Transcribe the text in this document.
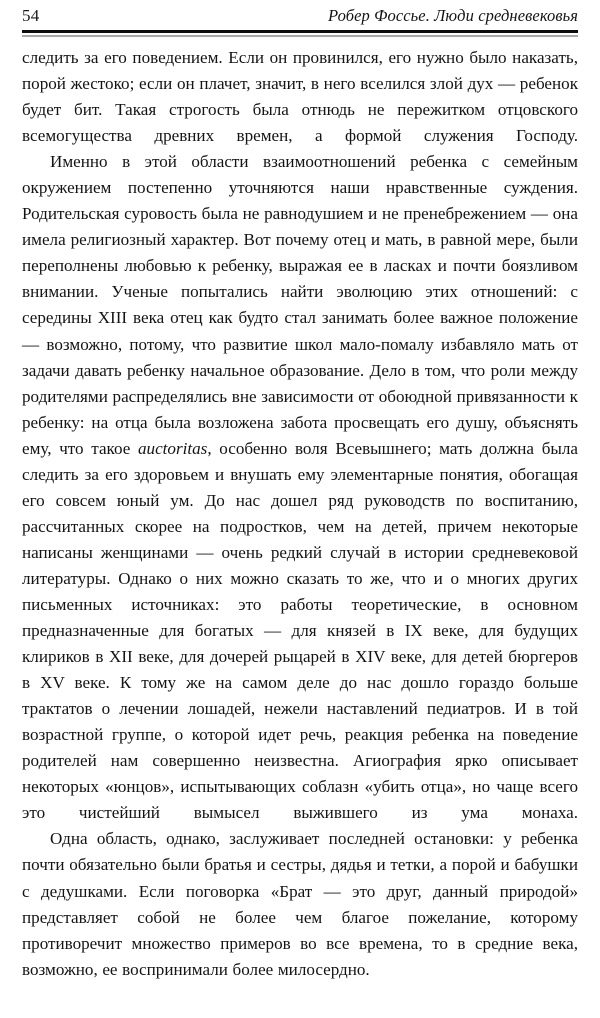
54	Робер Фоссье. Люди средневековья

следить за его поведением. Если он провинился, его нужно было наказать, порой жестоко; если он плачет, значит, в него вселился злой дух — ребенок будет бит. Такая строгость была отнюдь не пережитком отцовского всемогущества древних времен, а формой служения Господу.

Именно в этой области взаимоотношений ребенка с семейным окружением постепенно уточняются наши нравственные суждения. Родительская суровость была не равнодушием и не пренебрежением — она имела религиозный характер. Вот почему отец и мать, в равной мере, были переполнены любовью к ребенку, выражая ее в ласках и почти боязливом внимании. Ученые попытались найти эволюцию этих отношений: с середины XIII века отец как будто стал занимать более важное положение — возможно, потому, что развитие школ мало-помалу избавляло мать от задачи давать ребенку начальное образование. Дело в том, что роли между родителями распределялись вне зависимости от обоюдной привязанности к ребенку: на отца была возложена забота просвещать его душу, объяснять ему, что такое auctoritas, особенно воля Всевышнего; мать должна была следить за его здоровьем и внушать ему элементарные понятия, обогащая его совсем юный ум. До нас дошел ряд руководств по воспитанию, рассчитанных скорее на подростков, чем на детей, причем некоторые написаны женщинами — очень редкий случай в истории средневековой литературы. Однако о них можно сказать то же, что и о многих других письменных источниках: это работы теоретические, в основном предназначенные для богатых — для князей в IX веке, для будущих клириков в XII веке, для дочерей рыцарей в XIV веке, для детей бюргеров в XV веке. К тому же на самом деле до нас дошло гораздо больше трактатов о лечении лошадей, нежели наставлений педиатров. И в той возрастной группе, о которой идет речь, реакция ребенка на поведение родителей нам совершенно неизвестна. Агиография ярко описывает некоторых «юнцов», испытывающих соблазн «убить отца», но чаще всего это чистейший вымысел выжившего из ума монаха.

Одна область, однако, заслуживает последней остановки: у ребенка почти обязательно были братья и сестры, дядья и тетки, а порой и бабушки с дедушками. Если поговорка «Брат — это друг, данный природой» представляет собой не более чем благое пожелание, которому противоречит множество примеров во все времена, то в средние века, возможно, ее воспринимали более милосердно.
